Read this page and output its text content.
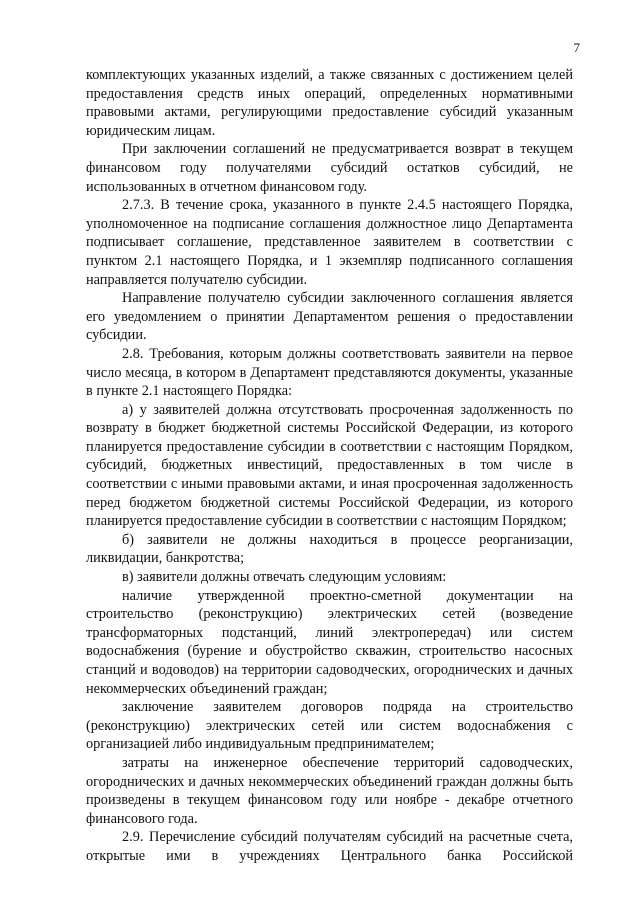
7

комплектующих указанных изделий, а также связанных с достижением целей предоставления средств иных операций, определенных нормативными правовыми актами, регулирующими предоставление субсидий указанным юридическим лицам.

При заключении соглашений не предусматривается возврат в текущем финансовом году получателями субсидий остатков субсидий, не использованных в отчетном финансовом году.

2.7.3. В течение срока, указанного в пункте 2.4.5 настоящего Порядка, уполномоченное на подписание соглашения должностное лицо Департамента подписывает соглашение, представленное заявителем в соответствии с пунктом 2.1 настоящего Порядка, и 1 экземпляр подписанного соглашения направляется получателю субсидии.

Направление получателю субсидии заключенного соглашения является его уведомлением о принятии Департаментом решения о предоставлении субсидии.

2.8. Требования, которым должны соответствовать заявители на первое число месяца, в котором в Департамент представляются документы, указанные в пункте 2.1 настоящего Порядка:

а) у заявителей должна отсутствовать просроченная задолженность по возврату в бюджет бюджетной системы Российской Федерации, из которого планируется предоставление субсидии в соответствии с настоящим Порядком, субсидий, бюджетных инвестиций, предоставленных в том числе в соответствии с иными правовыми актами, и иная просроченная задолженность перед бюджетом бюджетной системы Российской Федерации, из которого планируется предоставление субсидии в соответствии с настоящим Порядком;

б) заявители не должны находиться в процессе реорганизации, ликвидации, банкротства;

в) заявители должны отвечать следующим условиям:

наличие утвержденной проектно-сметной документации на строительство (реконструкцию) электрических сетей (возведение трансформаторных подстанций, линий электропередач) или систем водоснабжения (бурение и обустройство скважин, строительство насосных станций и водоводов) на территории садоводческих, огороднических и дачных некоммерческих объединений граждан;

заключение заявителем договоров подряда на строительство (реконструкцию) электрических сетей или систем водоснабжения с организацией либо индивидуальным предпринимателем;

затраты на инженерное обеспечение территорий садоводческих, огороднических и дачных некоммерческих объединений граждан должны быть произведены в текущем финансовом году или ноябре - декабре отчетного финансового года.

2.9. Перечисление субсидий получателям субсидий на расчетные счета, открытые ими в учреждениях Центрального банка Российской
